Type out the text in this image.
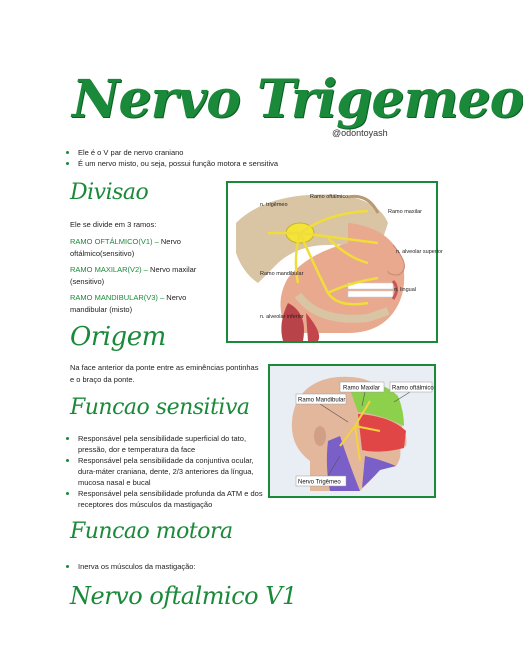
Nervo Trigemeo
@odontoyash
Ele é o V par de nervo craniano
É um nervo misto, ou seja, possui função motora e sensitiva
Divisao
Ele se divide em 3 ramos:
RAMO OFTÁLMICO(V1) – Nervo oftálmico(sensitivo)
RAMO MAXILAR(V2) – Nervo maxilar (sensitivo)
RAMO MANDIBULAR(V3) – Nervo mandibular (misto)
n. trigêmeo
Ramo oftálmico
Ramo maxilar
n. alveolar superior
Ramo mandibular
n. lingual
n. alveolar inferior
Origem
Na face anterior da ponte entre as eminências pontinhas e o braço da ponte.
Ramo Maxilar Ramo oftálmico
Ramo Mandibular
Nervo Trigêmeo
Funcao sensitiva
Responsável pela sensibilidade superficial do tato, pressão, dor e temperatura da face
Responsável pela sensibilidade da conjuntiva ocular, dura-máter craniana, dente, 2/3 anteriores da língua, mucosa nasal e bucal
Responsável pela sensibilidade profunda da ATM e dos receptores dos músculos da mastigação
Funcao motora
Inerva os músculos da mastigação:
Nervo oftalmico V1
